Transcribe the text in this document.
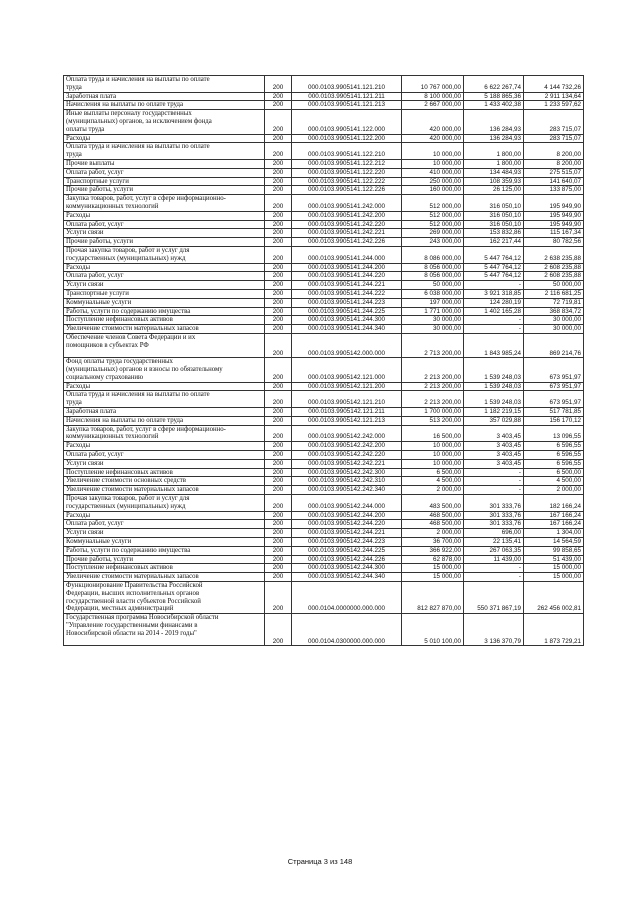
Оплата труда и начисления на выплаты по оплате
труда	200	000.0103.9905141.121.210	10 767 000,00	6 622 267,74	4 144 732,26
Заработная плата	200	000.0103.9905141.121.211	8 100 000,00	5 188 865,36	2 911 134,64
Начисления на выплаты по оплате труда	200	000.0103.9905141.121.213	2 667 000,00	1 433 402,38	1 233 597,62
Иные выплаты персоналу государственных
(муниципальных) органов, за исключением фонда
оплаты труда	200	000.0103.9905141.122.000	420 000,00	136 284,93	283 715,07
Расходы	200	000.0103.9905141.122.200	420 000,00	136 284,93	283 715,07
Оплата труда и начисления на выплаты по оплате
труда	200	000.0103.9905141.122.210	10 000,00	1 800,00	8 200,00
Прочие выплаты	200	000.0103.9905141.122.212	10 000,00	1 800,00	8 200,00
Оплата работ, услуг	200	000.0103.9905141.122.220	410 000,00	134 484,93	275 515,07
Транспортные услуги	200	000.0103.9905141.122.222	250 000,00	108 359,93	141 640,07
Прочие работы, услуги	200	000.0103.9905141.122.226	160 000,00	26 125,00	133 875,00
Закупка товаров, работ, услуг в сфере информационно-
коммуникационных технологий	200	000.0103.9905141.242.000	512 000,00	316 050,10	195 949,90
Расходы	200	000.0103.9905141.242.200	512 000,00	316 050,10	195 949,90
Оплата работ, услуг	200	000.0103.9905141.242.220	512 000,00	316 050,10	195 949,90
Услуги связи	200	000.0103.9905141.242.221	269 000,00	153 832,86	115 167,34
Прочие работы, услуги	200	000.0103.9905141.242.226	243 000,00	162 217,44	80 782,56
Прочая закупка товаров, работ и услуг для
государственных (муниципальных) нужд	200	000.0103.9905141.244.000	8 086 000,00	5 447 764,12	2 638 235,88
Расходы	200	000.0103.9905141.244.200	8 056 000,00	5 447 764,12	2 608 235,88
Оплата работ, услуг	200	000.0103.9905141.244.220	8 056 000,00	5 447 764,12	2 608 235,88
Услуги связи	200	000.0103.9905141.244.221	50 000,00	-	50 000,00
Транспортные услуги	200	000.0103.9905141.244.222	6 038 000,00	3 921 318,85	2 116 681,25
Коммунальные услуги	200	000.0103.9905141.244.223	197 000,00	124 280,19	72 719,81
Работы, услуги по содержанию имущества	200	000.0103.9905141.244.225	1 771 000,00	1 402 165,28	368 834,72
Поступление нефинансовых активов	200	000.0103.9905141.244.300	30 000,00	-	30 000,00
Увеличение стоимости материальных запасов	200	000.0103.9905141.244.340	30 000,00	-	30 000,00
Обеспечение членов Совета Федерации и их
помощников в субъектах РФ	200	000.0103.9905142.000.000	2 713 200,00	1 843 985,24	869 214,76
Фонд оплаты труда государственных
(муниципальных) органов и взносы по обязательному
социальному страхованию	200	000.0103.9905142.121.000	2 213 200,00	1 539 248,03	673 951,97
Расходы	200	000.0103.9905142.121.200	2 213 200,00	1 539 248,03	673 951,97
Оплата труда и начисления на выплаты по оплате
труда	200	000.0103.9905142.121.210	2 213 200,00	1 539 248,03	673 951,97
Заработная плата	200	000.0103.9905142.121.211	1 700 000,00	1 182 219,15	517 781,85
Начисления на выплаты по оплате труда	200	000.0103.9905142.121.213	513 200,00	357 029,88	156 170,12
Закупка товаров, работ, услуг в сфере информационно-
коммуникационных технологий	200	000.0103.9905142.242.000	16 500,00	3 403,45	13 096,55
Расходы	200	000.0103.9905142.242.200	10 000,00	3 403,45	6 596,55
Оплата работ, услуг	200	000.0103.9905142.242.220	10 000,00	3 403,45	6 596,55
Услуги связи	200	000.0103.9905142.242.221	10 000,00	3 403,45	6 596,55
Поступление нефинансовых активов	200	000.0103.9905142.242.300	6 500,00	-	6 500,00
Увеличение стоимости основных средств	200	000.0103.9905142.242.310	4 500,00	-	4 500,00
Увеличение стоимости материальных запасов	200	000.0103.9905142.242.340	2 000,00	-	2 000,00
Прочая закупка товаров, работ и услуг для
государственных (муниципальных) нужд	200	000.0103.9905142.244.000	483 500,00	301 333,76	182 166,24
Расходы	200	000.0103.9905142.244.200	468 500,00	301 333,76	167 166,24
Оплата работ, услуг	200	000.0103.9905142.244.220	468 500,00	301 333,76	167 166,24
Услуги связи	200	000.0103.9905142.244.221	2 000,00	696,00	1 304,00
Коммунальные услуги	200	000.0103.9905142.244.223	36 700,00	22 135,41	14 564,59
Работы, услуги по содержанию имущества	200	000.0103.9905142.244.225	366 922,00	267 063,35	99 858,65
Прочие работы, услуги	200	000.0103.9905142.244.226	62 878,00	11 439,00	51 439,00
Поступление нефинансовых активов	200	000.0103.9905142.244.300	15 000,00	-	15 000,00
Увеличение стоимости материальных запасов	200	000.0103.9905142.244.340	15 000,00	-	15 000,00
Функционирование Правительства Российской
Федерации, высших исполнительных органов
государственной власти субъектов Российской
Федерации, местных администраций	200	000.0104.0000000.000.000	812 827 870,00	550 371 867,19	262 456 002,81
Государственная программа Новосибирской области
"Управление государственными финансами в
Новосибирской области на 2014 - 2019 годы"	200	000.0104.0300000.000.000	5 010 100,00	3 136 370,79	1 873 729,21
Страница 3 из 148
